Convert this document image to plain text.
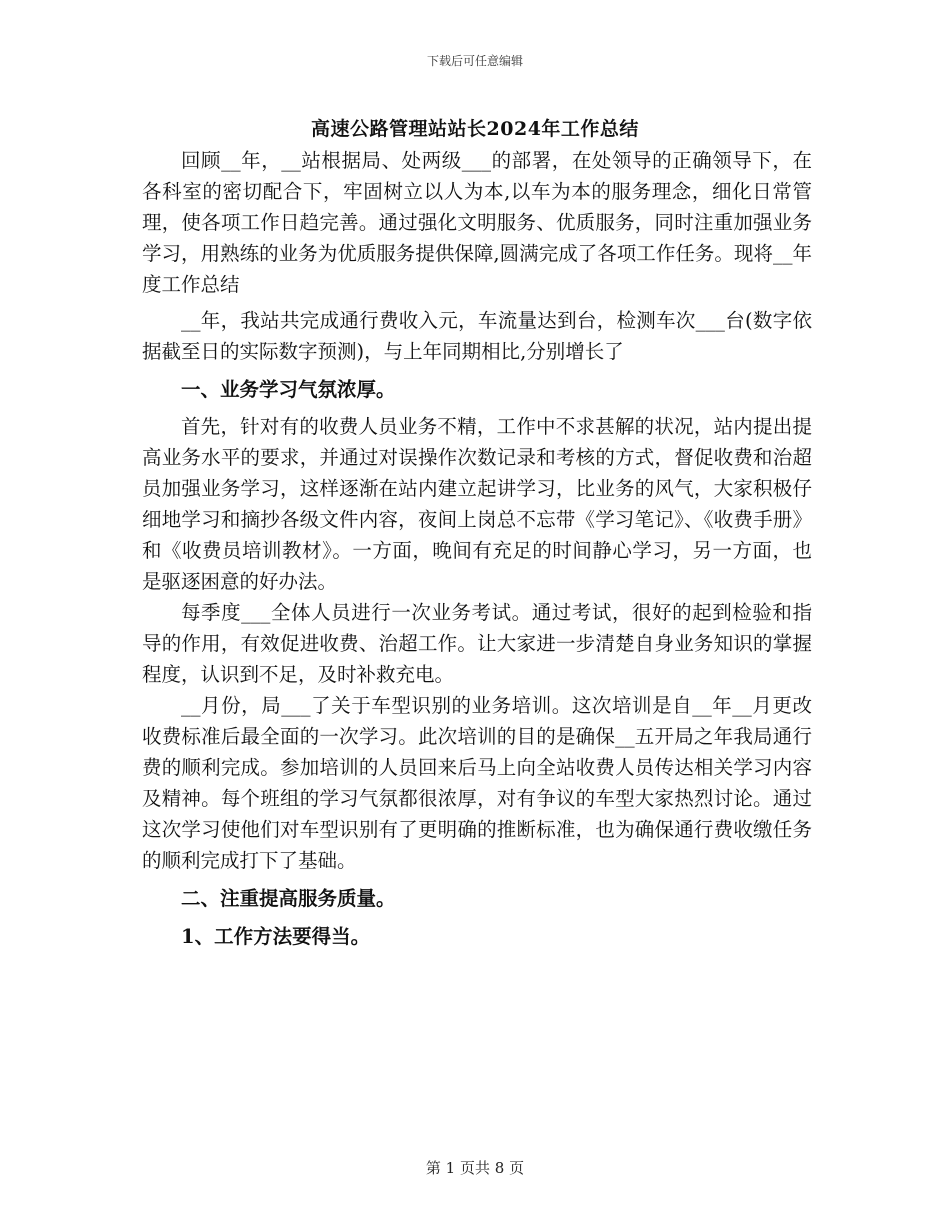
下载后可任意编辑
高速公路管理站站长2024年工作总结

回顾__年，__站根据局、处两级___的部署，在处领导的正确领导下，在各科室的密切配合下，牢固树立以人为本,以车为本的服务理念，细化日常管理，使各项工作日趋完善。通过强化文明服务、优质服务，同时注重加强业务学习，用熟练的业务为优质服务提供保障,圆满完成了各项工作任务。现将__年度工作总结

__年，我站共完成通行费收入元，车流量达到台，检测车次___台(数字依据截至日的实际数字预测)，与上年同期相比,分别增长了

一、业务学习气氛浓厚。

首先，针对有的收费人员业务不精，工作中不求甚解的状况，站内提出提高业务水平的要求，并通过对误操作次数记录和考核的方式，督促收费和治超员加强业务学习，这样逐渐在站内建立起讲学习，比业务的风气，大家积极仔细地学习和摘抄各级文件内容，夜间上岗总不忘带《学习笔记》、《收费手册》和《收费员培训教材》。一方面，晚间有充足的时间静心学习，另一方面，也是驱逐困意的好办法。

每季度___全体人员进行一次业务考试。通过考试，很好的起到检验和指导的作用，有效促进收费、治超工作。让大家进一步清楚自身业务知识的掌握程度，认识到不足，及时补救充电。

__月份，局___了关于车型识别的业务培训。这次培训是自__年__月更改收费标准后最全面的一次学习。此次培训的目的是确保__五开局之年我局通行费的顺利完成。参加培训的人员回来后马上向全站收费人员传达相关学习内容及精神。每个班组的学习气氛都很浓厚，对有争议的车型大家热烈讨论。通过这次学习使他们对车型识别有了更明确的推断标准，也为确保通行费收缴任务的顺利完成打下了基础。

二、注重提高服务质量。

1、工作方法要得当。

第 1 页共 8 页
